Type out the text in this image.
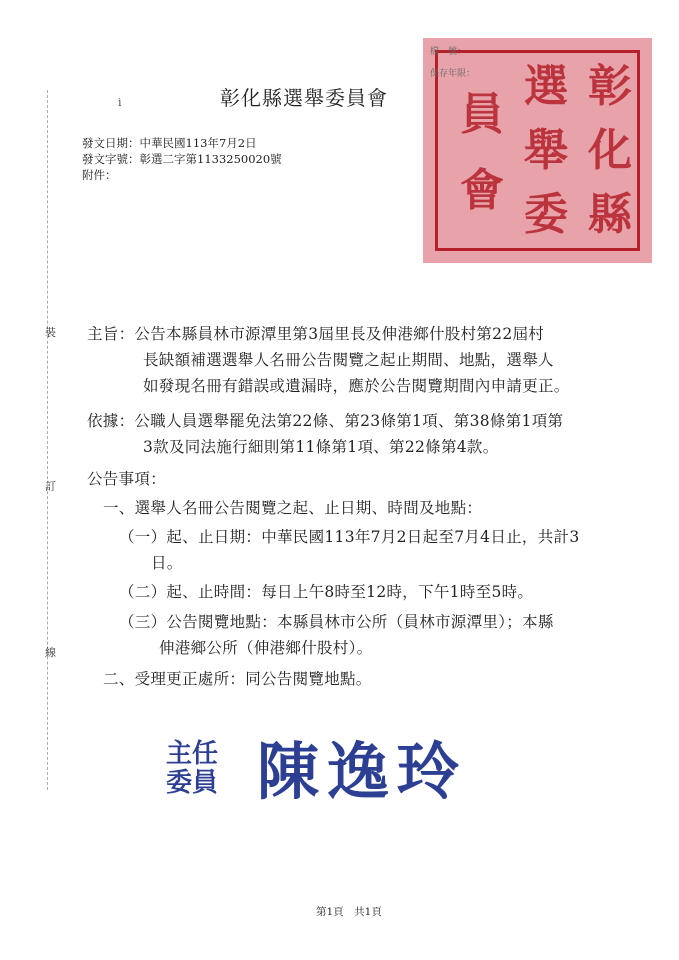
彰化縣選舉委員會
i
發文日期：中華民國113年7月2日
發文字號：彰選二字第1133250020號
附件：
彰
化
縣
選
舉
委
員
會
檔　號：
保存年限：
裝
訂
線
主旨：公告本縣員林市源潭里第3屆里長及伸港鄉什股村第22屆村
長缺額補選選舉人名冊公告閱覽之起止期間、地點，選舉人
如發現名冊有錯誤或遺漏時，應於公告閱覽期間內申請更正。
依據：公職人員選舉罷免法第22條、第23條第1項、第38條第1項第
3款及同法施行細則第11條第1項、第22條第4款。
公告事項：
一、選舉人名冊公告閱覽之起、止日期、時間及地點：
（一）起、止日期：中華民國113年7月2日起至7月4日止，共計3
日。
（二）起、止時間：每日上午8時至12時，下午1時至5時。
（三）公告閱覽地點：本縣員林市公所（員林市源潭里）；本縣
伸港鄉公所（伸港鄉什股村）。
二、受理更正處所：同公告閱覽地點。
主任
委員 陳逸玲
第1頁　共1頁
